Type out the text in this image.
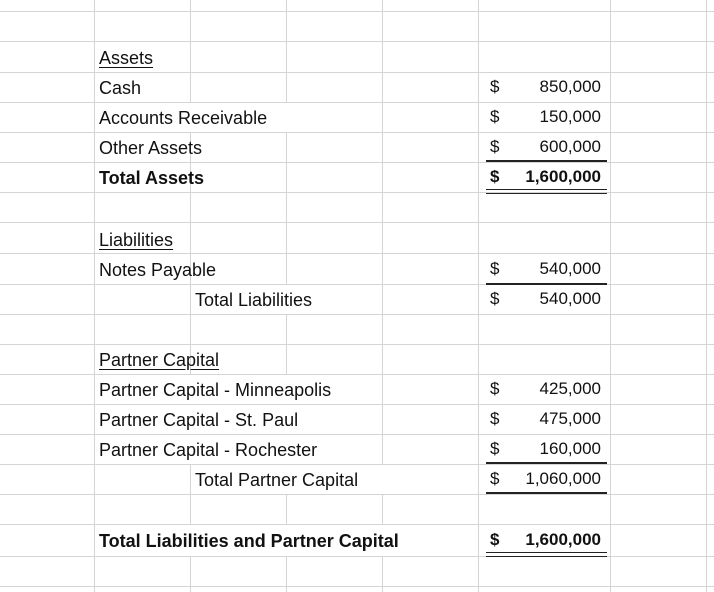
Assets
Cash	$ 850,000
Accounts Receivable	$ 150,000
Other Assets	$ 600,000
Total Assets	$ 1,600,000
Liabilities
Notes Payable	$ 540,000
Total Liabilities	$ 540,000
Partner Capital
Partner Capital - Minneapolis	$ 425,000
Partner Capital - St. Paul	$ 475,000
Partner Capital - Rochester	$ 160,000
Total Partner Capital	$ 1,060,000
Total Liabilities and Partner Capital	$ 1,600,000
